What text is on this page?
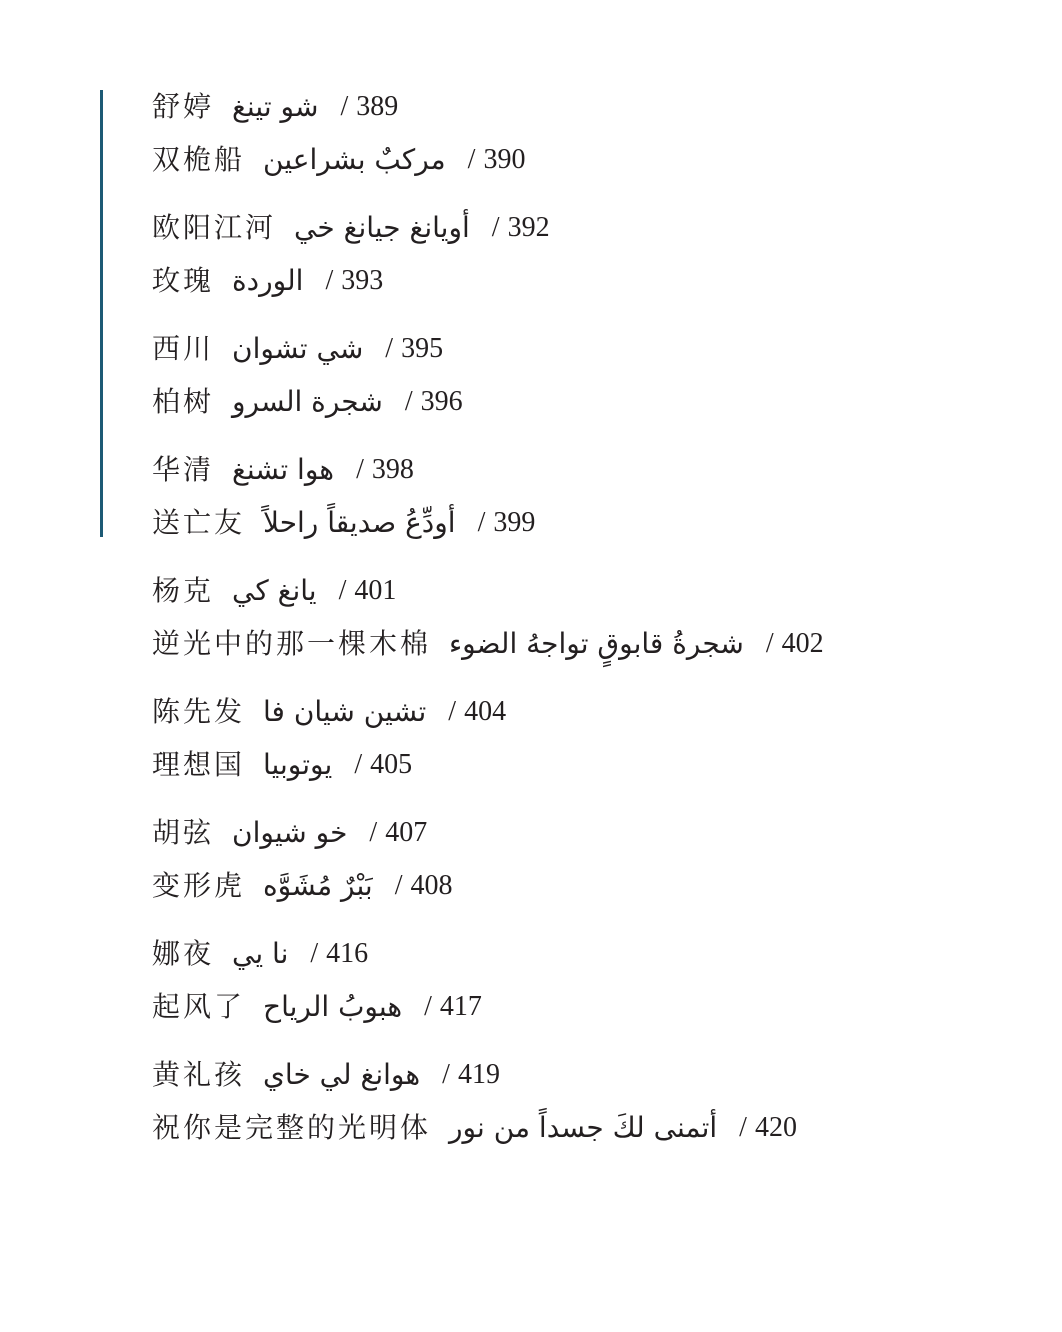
舒婷 شو تينغ / 389
双桅船 مركبٌ بشراعين / 390
欧阳江河 أويانغ جيانغ خي / 392
玫瑰 الوردة / 393
西川 شي تشوان / 395
柏树 شجرة السرو / 396
华清 هوا تشنغ / 398
送亡友 أودِّعُ صديقاً راحلاً / 399
杨克 يانغ كي / 401
逆光中的那一棵木棉 شجرةُ قابوقٍ تواجهُ الضوء / 402
陈先发 تشين شيان فا / 404
理想国 يوتوبيا / 405
胡弦 خو شيوان / 407
变形虎 بَبْرٌ مُشَوَّه / 408
娜夜 نا يي / 416
起风了 هبوبُ الرياح / 417
黄礼孩 هوانغ لي خاي / 419
祝你是完整的光明体 أتمنى لكَ جسداً من نور / 420
